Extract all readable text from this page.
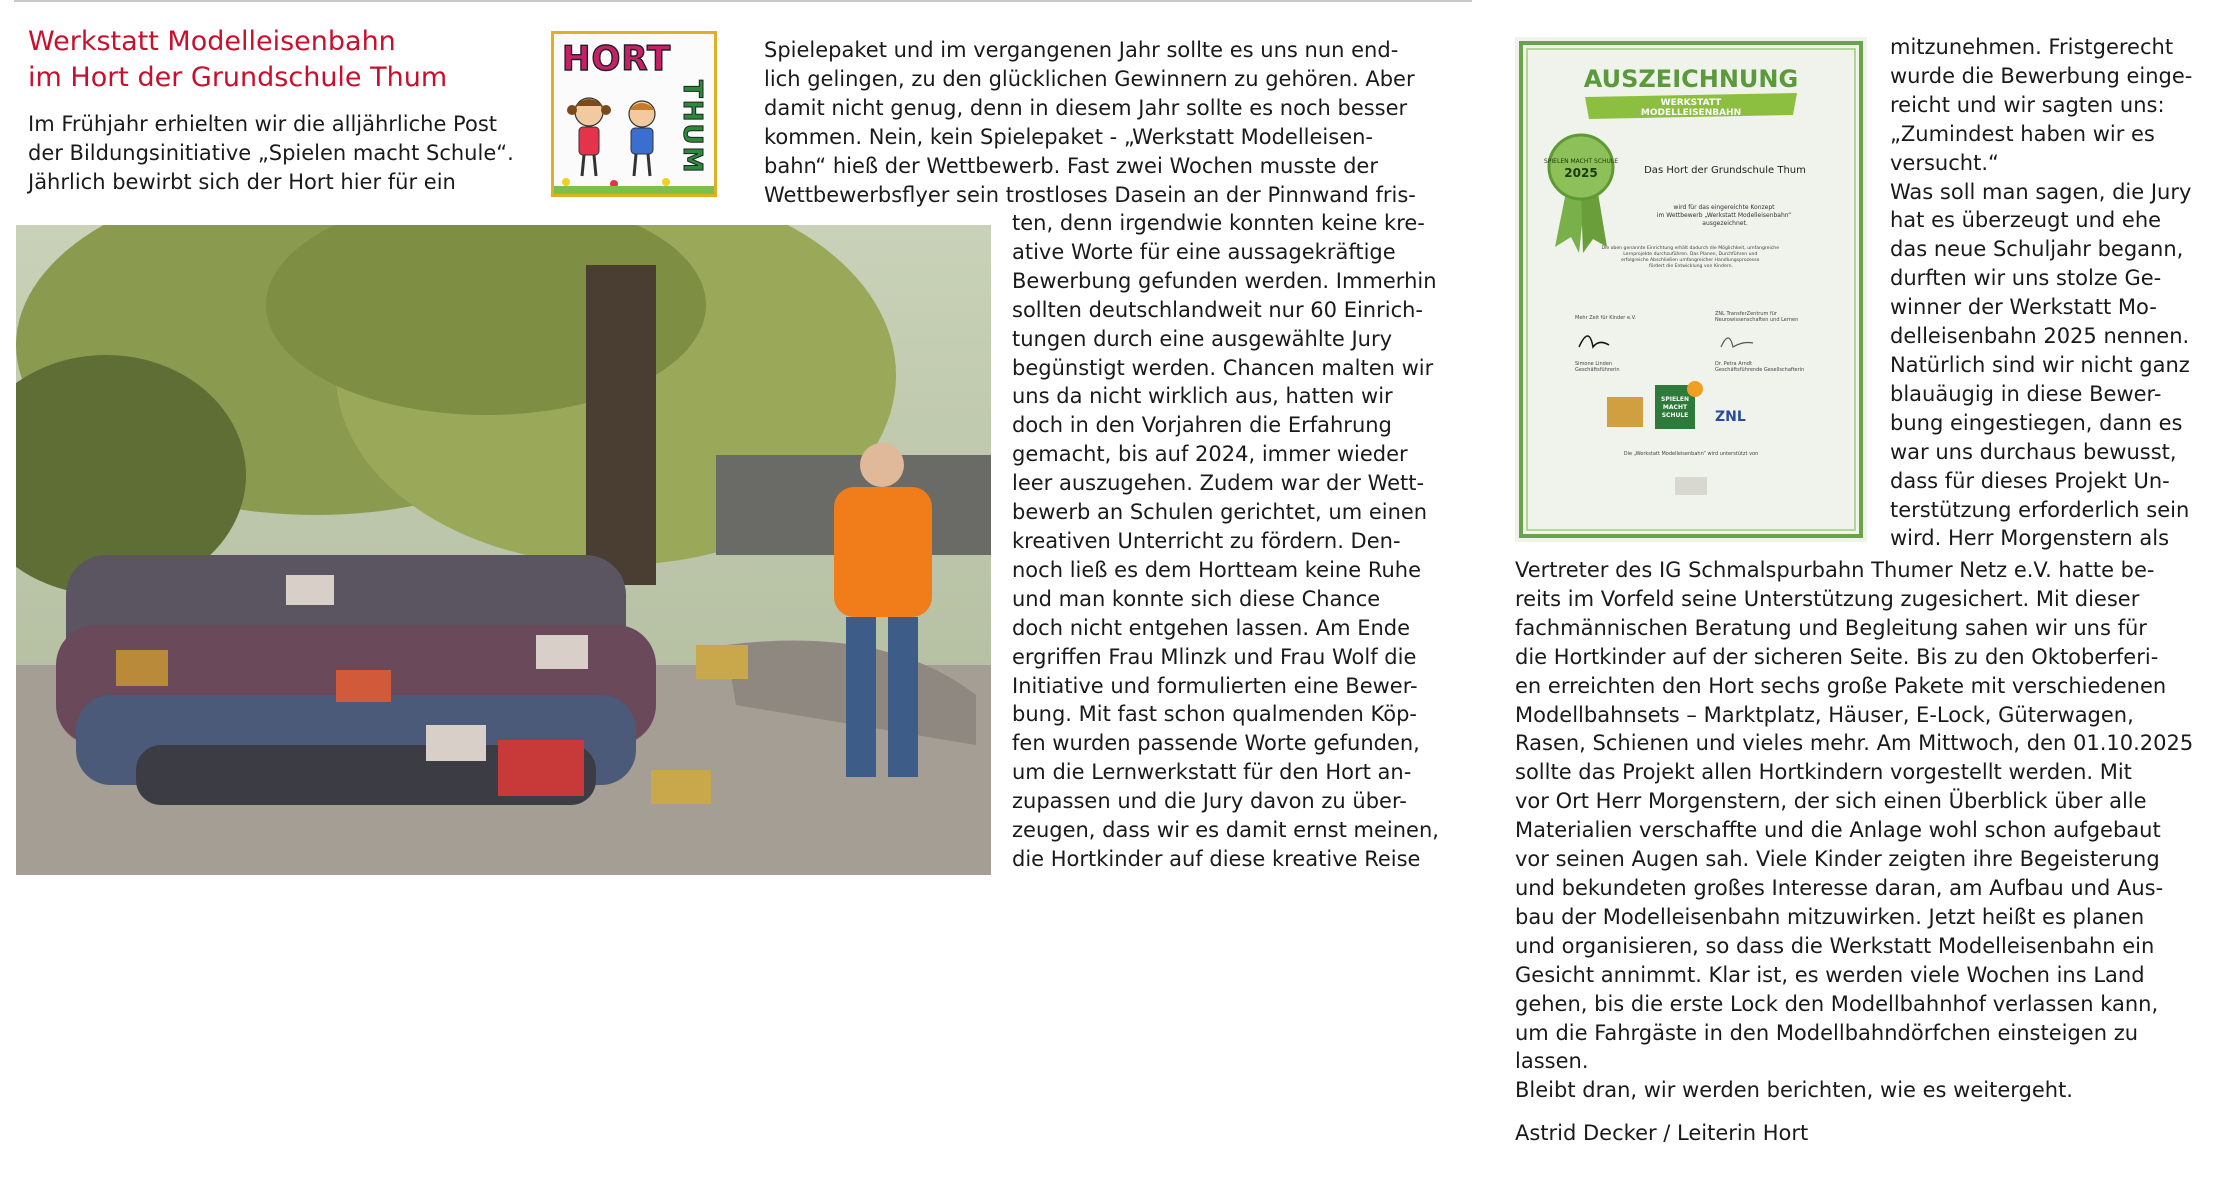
Werkstatt Modelleisenbahn
im Hort der Grundschule Thum

Im Frühjahr erhielten wir die alljährliche Post
der Bildungsinitiative „Spielen macht Schule“.
Jährlich bewirbt sich der Hort hier für ein

HORT
THUM

Spielepaket und im vergangenen Jahr sollte es uns nun end-
lich gelingen, zu den glücklichen Gewinnern zu gehören. Aber
damit nicht genug, denn in diesem Jahr sollte es noch besser
kommen. Nein, kein Spielepaket - „Werkstatt Modelleisen-
bahn“ hieß der Wettbewerb. Fast zwei Wochen musste der
Wettbewerbsflyer sein trostloses Dasein an der Pinnwand fris-

ten, denn irgendwie konnten keine kre-
ative Worte für eine aussagekräftige
Bewerbung gefunden werden. Immerhin
sollten deutschlandweit nur 60 Einrich-
tungen durch eine ausgewählte Jury
begünstigt werden. Chancen malten wir
uns da nicht wirklich aus, hatten wir
doch in den Vorjahren die Erfahrung
gemacht, bis auf 2024, immer wieder
leer auszugehen. Zudem war der Wett-
bewerb an Schulen gerichtet, um einen
kreativen Unterricht zu fördern. Den-
noch ließ es dem Hortteam keine Ruhe
und man konnte sich diese Chance
doch nicht entgehen lassen. Am Ende
ergriffen Frau Mlinzk und Frau Wolf die
Initiative und formulierten eine Bewer-
bung. Mit fast schon qualmenden Köp-
fen wurden passende Worte gefunden,
um die Lernwerkstatt für den Hort an-
zupassen und die Jury davon zu über-
zeugen, dass wir es damit ernst meinen,
die Hortkinder auf diese kreative Reise

AUSZEICHNUNG
WERKSTATT MODELLEISENBAHN
SPIELEN MACHT SCHULE
2025	Das Hort der Grundschule Thum
wird für das eingereichte Konzept im Wettbewerb „Werkstatt Modelleisenbahn“ ausgezeichnet.
Die oben genannte Einrichtung erhält dadurch die Möglichkeit, umfangreiche Lernprojekte durchzuführen. Das Planen, Durchführen und erfolgreiche Abschließen umfangreicher Handlungsprozesse fördert die Entwicklung von Kindern.
Mehr Zeit für Kinder e.V.
Simone Linden Geschäftsführerin
ZNL TransferZentrum für Neurowissenschaften und Lernen
Dr. Petra Arndt Geschäftsführende Gesellschafterin
SPIELEN MACHT SCHULE ZNL
Die „Werkstatt Modelleisenbahn“ wird unterstützt von

mitzunehmen. Fristgerecht
wurde die Bewerbung einge-
reicht und wir sagten uns:
„Zumindest haben wir es
versucht.“
Was soll man sagen, die Jury
hat es überzeugt und ehe
das neue Schuljahr begann,
durften wir uns stolze Ge-
winner der Werkstatt Mo-
delleisenbahn 2025 nennen.
Natürlich sind wir nicht ganz
blauäugig in diese Bewer-
bung eingestiegen, dann es
war uns durchaus bewusst,
dass für dieses Projekt Un-
terstützung erforderlich sein
wird. Herr Morgenstern als

Vertreter des IG Schmalspurbahn Thumer Netz e.V. hatte be-
reits im Vorfeld seine Unterstützung zugesichert. Mit dieser
fachmännischen Beratung und Begleitung sahen wir uns für
die Hortkinder auf der sicheren Seite. Bis zu den Oktoberferi-
en erreichten den Hort sechs große Pakete mit verschiedenen
Modellbahnsets – Marktplatz, Häuser, E-Lock, Güterwagen,
Rasen, Schienen und vieles mehr. Am Mittwoch, den 01.10.2025
sollte das Projekt allen Hortkindern vorgestellt werden. Mit
vor Ort Herr Morgenstern, der sich einen Überblick über alle
Materialien verschaffte und die Anlage wohl schon aufgebaut
vor seinen Augen sah. Viele Kinder zeigten ihre Begeisterung
und bekundeten großes Interesse daran, am Aufbau und Aus-
bau der Modelleisenbahn mitzuwirken. Jetzt heißt es planen
und organisieren, so dass die Werkstatt Modelleisenbahn ein
Gesicht annimmt. Klar ist, es werden viele Wochen ins Land
gehen, bis die erste Lock den Modellbahnhof verlassen kann,
um die Fahrgäste in den Modellbahndörfchen einsteigen zu
lassen.
Bleibt dran, wir werden berichten, wie es weitergeht.

Astrid Decker / Leiterin Hort
